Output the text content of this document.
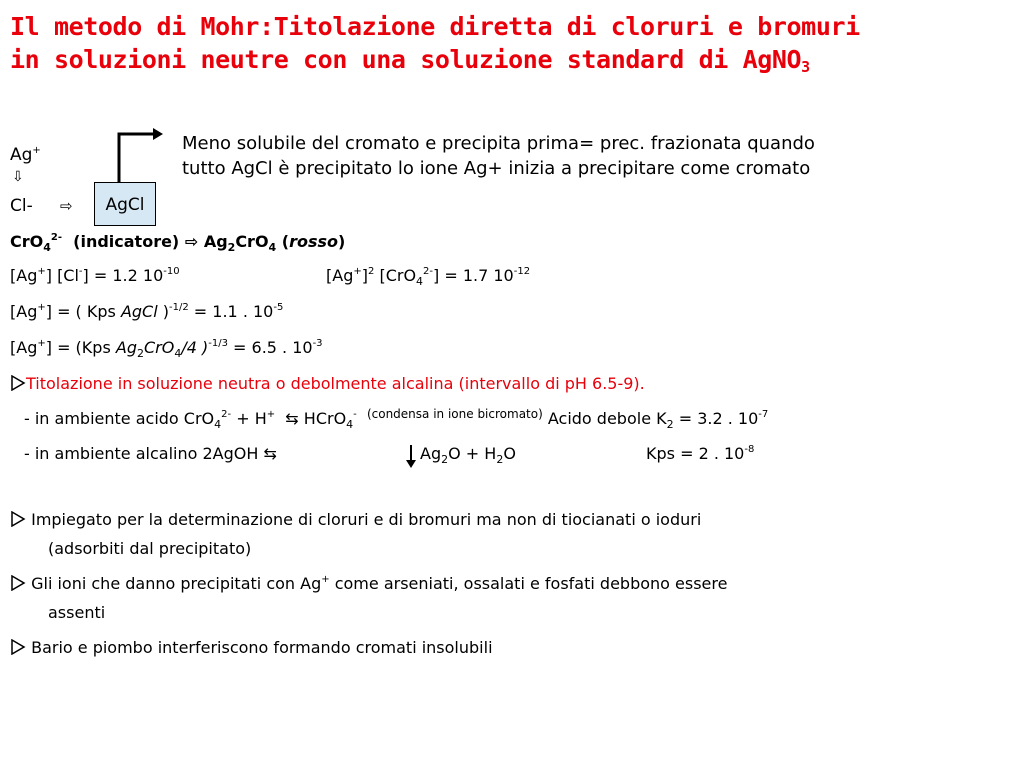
Il metodo di Mohr:Titolazione diretta di cloruri e bromuri
in soluzioni neutre con una soluzione standard di AgNO$_3$
Ag+
⇩
Cl- ⇨	AgCl
Meno solubile del cromato e precipita prima= prec. frazionata quando
tutto AgCl è precipitato lo ione Ag+ inizia a precipitare come cromato
CrO$_4^{2-}$ (indicatore) ⇨ $Ag_2CrO_4$ (rosso)
[Ag+] [Cl-] = 1.2 $10^{-10}$	$[Ag^+]^2$ [CrO$_4^{2-}$] = 1.7 $10^{-12}$
[Ag+] = ( Kps AgCl )$^{-1/2}$ = 1.1 . $10^{-5}$
[Ag+] = (Kps $Ag_2CrO_4/4$ )$^{-1/3}$ = 6.5 . $10^{-3}$
Titolazione in soluzione neutra o debolmente alcalina (intervallo di pH 6.5-9).
- in ambiente acido CrO$_4^{2-}$ + H+ ⇆ HCrO$_4$- $^{(condensa in ione bicromato)}$ Acido debole $K_2 = 3.2$ . $10^{-7}$
- in ambiente alcalino 2AgOH ⇆	$Ag_2O + H_2O$	Kps = 2 . $10^{-8}$
Impiegato per la determinazione di cloruri e di bromuri ma non di tiocianati o ioduri
(adsorbiti dal precipitato)
Gli ioni che danno precipitati con Ag+ come arseniati, ossalati e fosfati debbono essere
assenti
Bario e piombo interferiscono formando cromati insolubili
